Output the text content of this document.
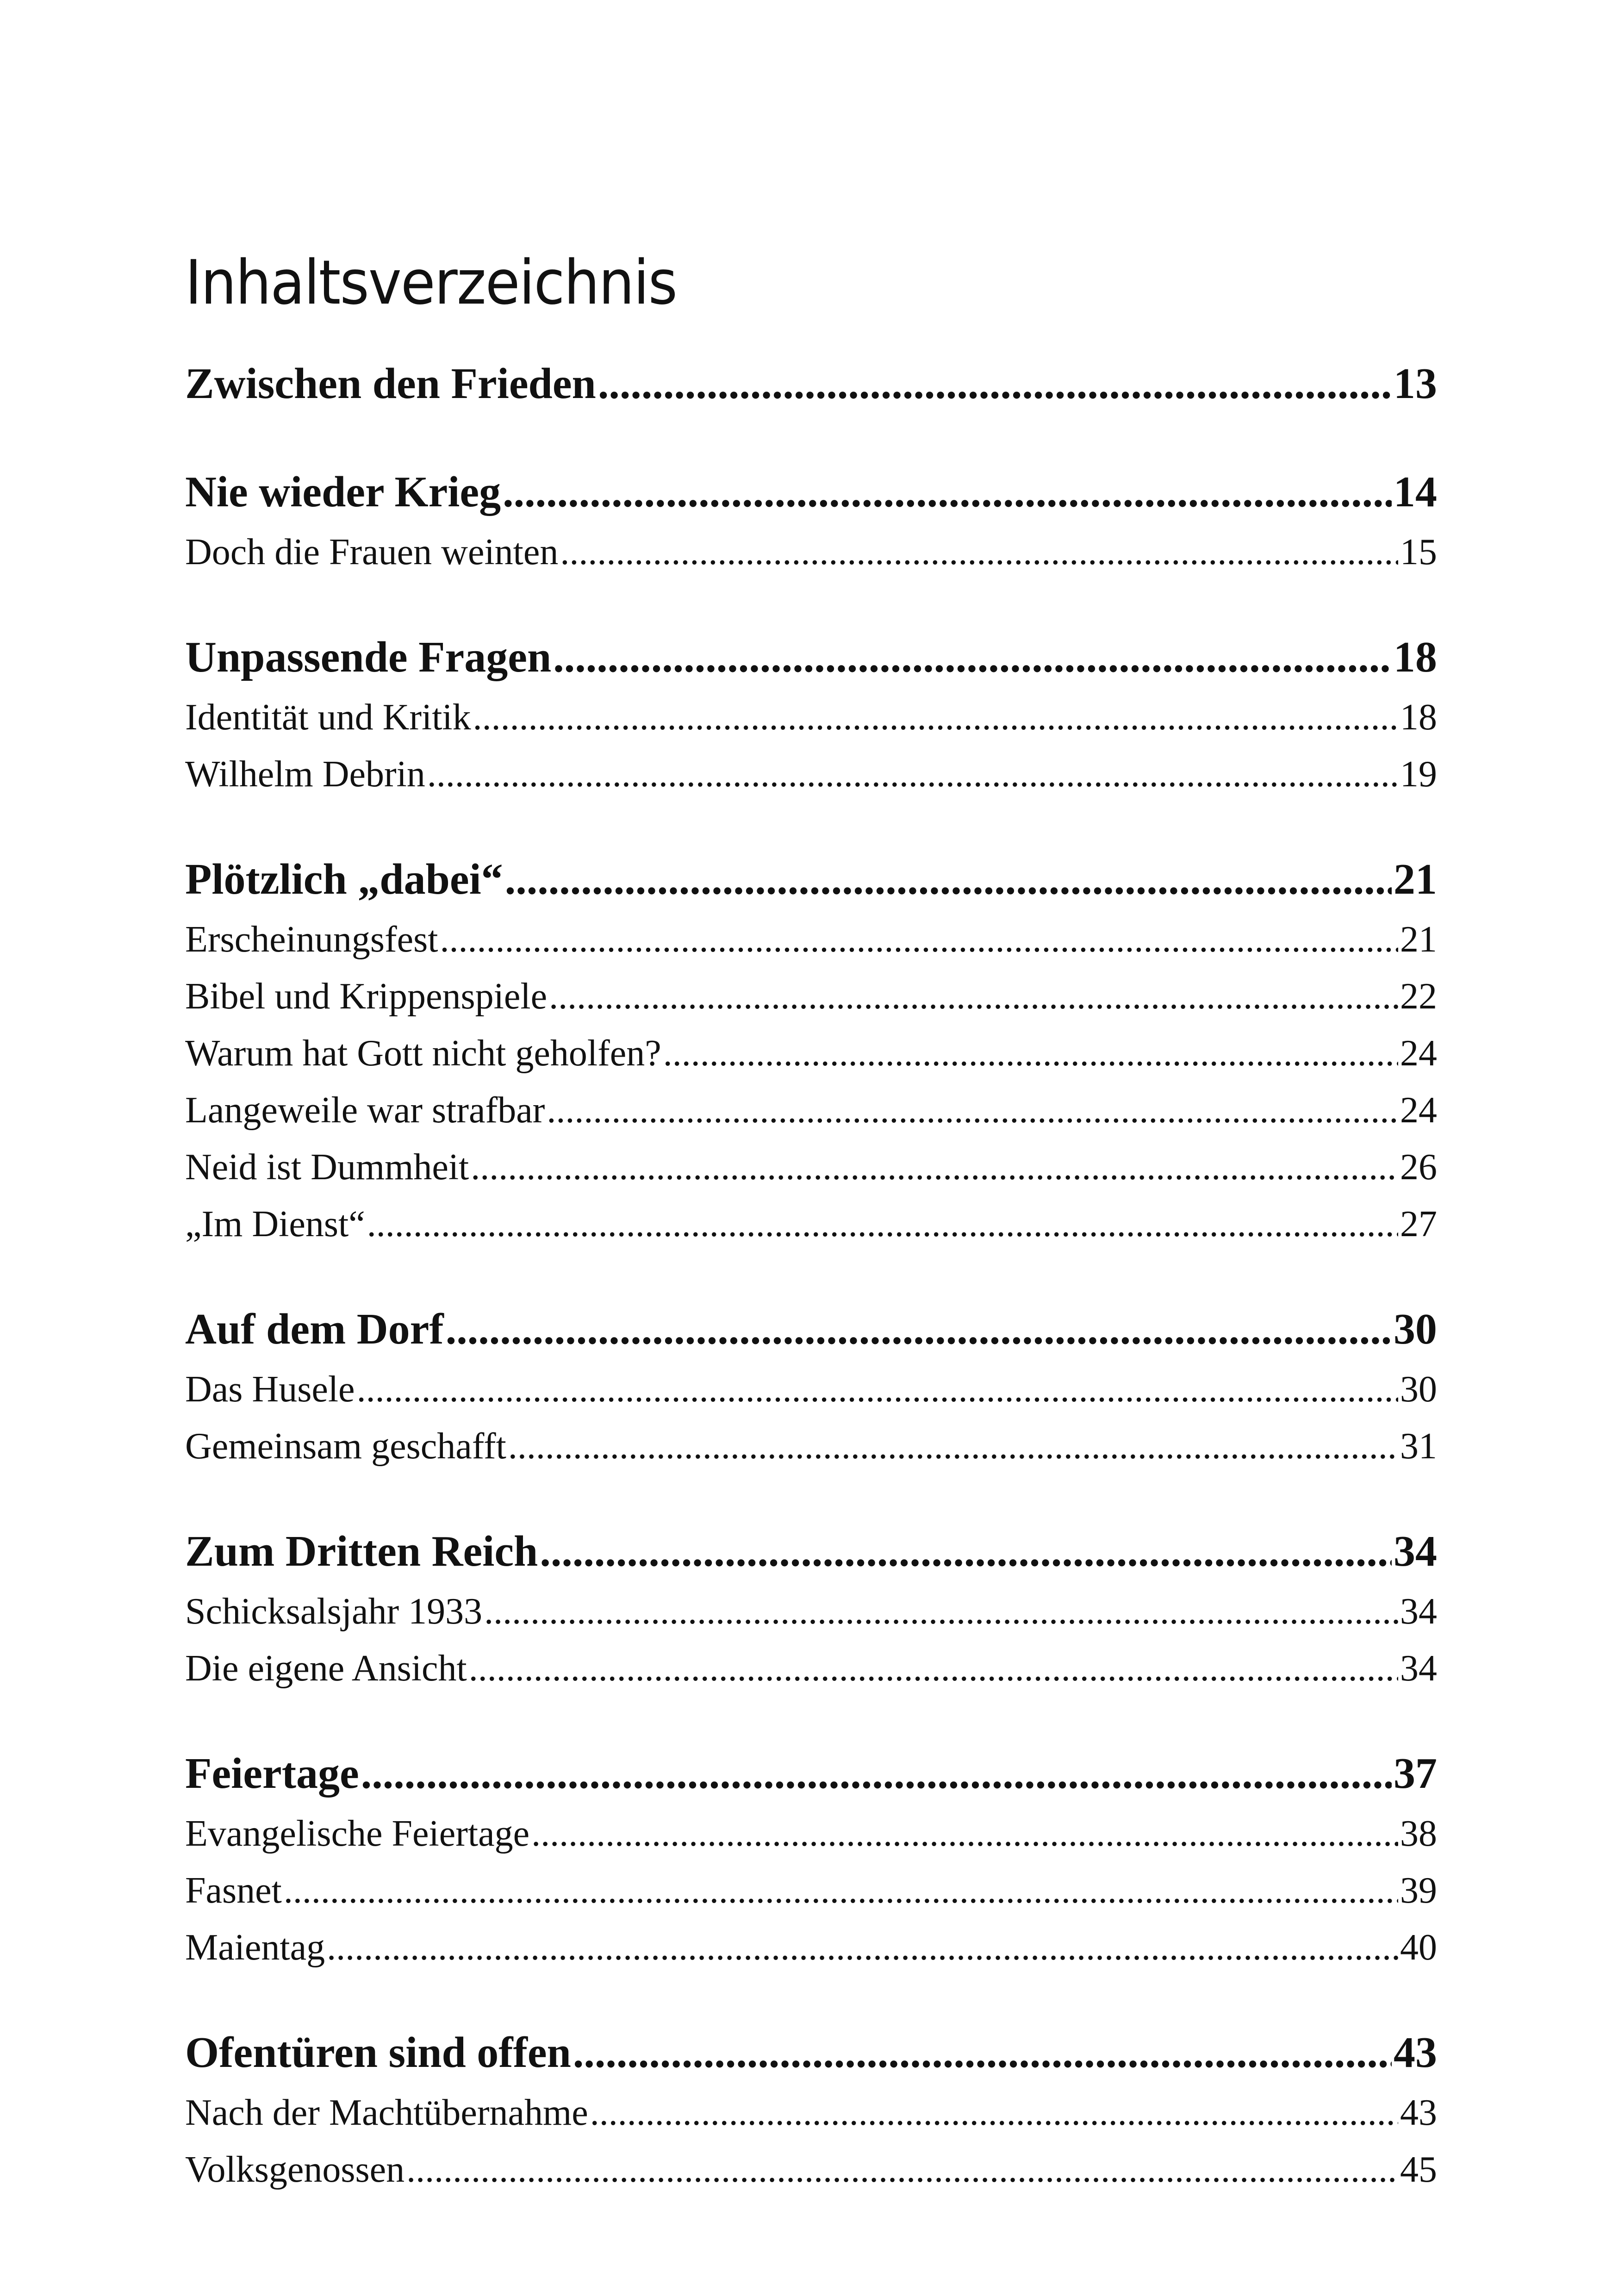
Inhaltsverzeichnis
Zwischen den Frieden .....	13
Nie wieder Krieg .....	14
Doch die Frauen weinten .....	15
Unpassende Fragen .....	18
Identität und Kritik .....	18
Wilhelm Debrin .....	19
Plötzlich „dabei“ .....	21
Erscheinungsfest .....	21
Bibel und Krippenspiele .....	22
Warum hat Gott nicht geholfen? .....	24
Langeweile war strafbar .....	24
Neid ist Dummheit .....	26
„Im Dienst“ .....	27
Auf dem Dorf .....	30
Das Husele .....	30
Gemeinsam geschafft .....	31
Zum Dritten Reich .....	34
Schicksalsjahr 1933 .....	34
Die eigene Ansicht .....	34
Feiertage .....	37
Evangelische Feiertage .....	38
Fasnet .....	39
Maientag .....	40
Ofentüren sind offen .....	43
Nach der Machtübernahme .....	43
Volksgenossen .....	45
